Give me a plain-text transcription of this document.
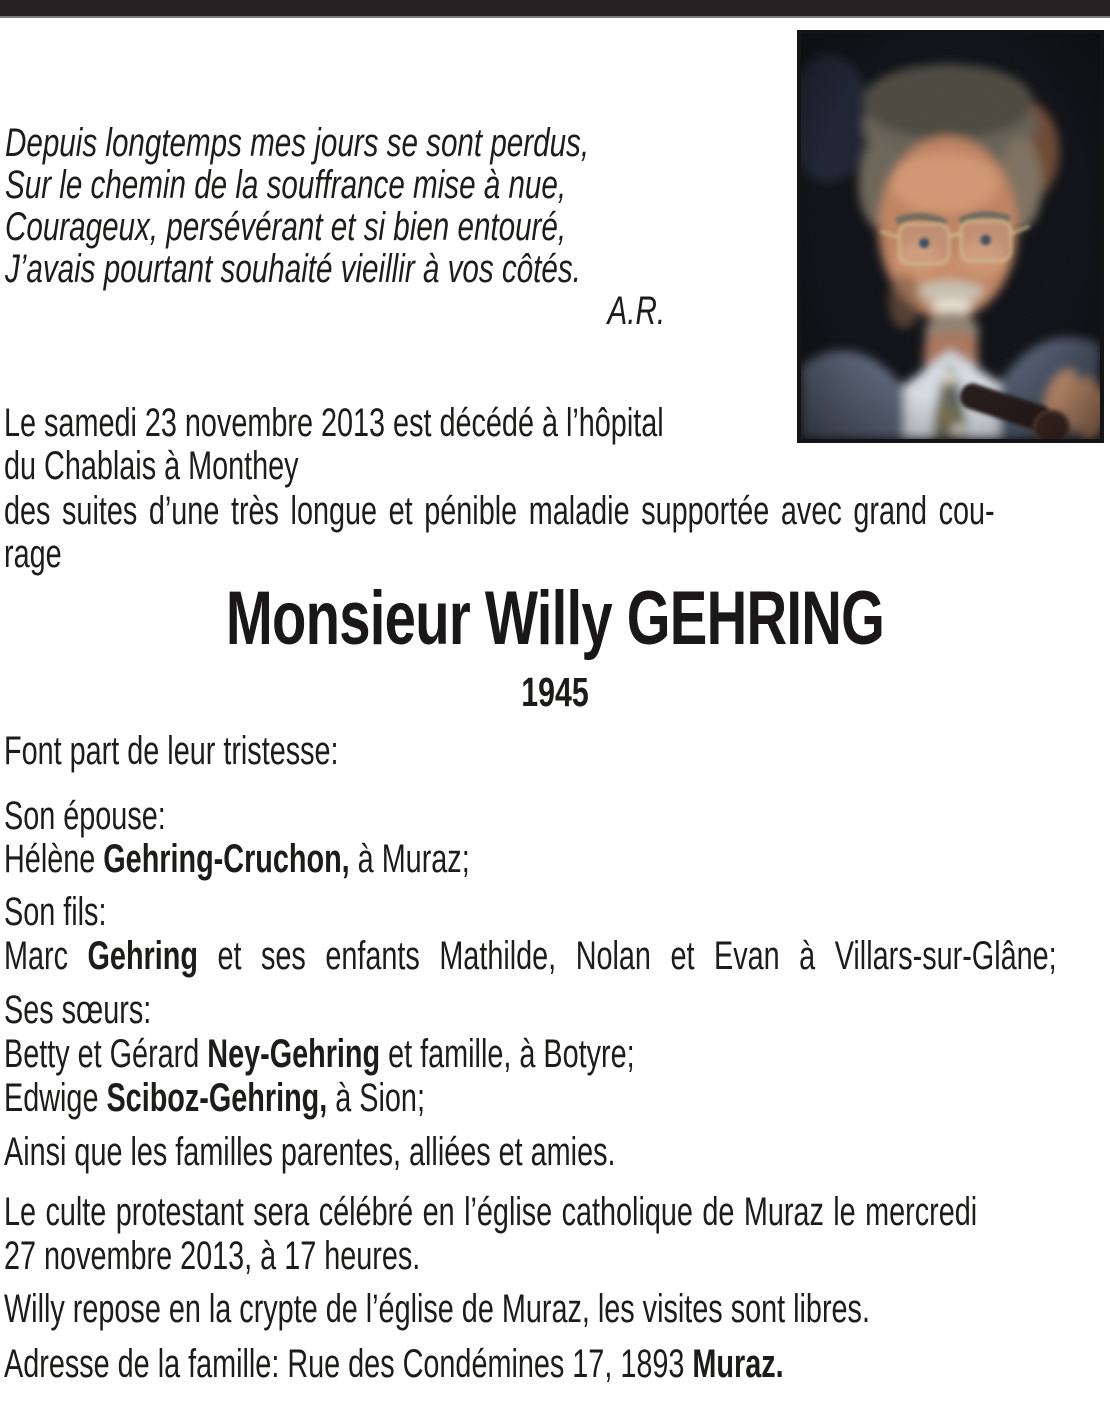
Depuis longtemps mes jours se sont perdus,
Sur le chemin de la souffrance mise à nue,
Courageux, persévérant et si bien entouré,
J’avais pourtant souhaité vieillir à vos côtés.
A.R.
Le samedi 23 novembre 2013 est décédé à l’hôpital
du Chablais à Monthey
des suites d’une très longue et pénible maladie supportée avec grand cou-
rage
Monsieur Willy GEHRING
1945
Font part de leur tristesse:
Son épouse:
Hélène Gehring-Cruchon, à Muraz;
Son fils:
Marc Gehring et ses enfants Mathilde, Nolan et Evan à Villars-sur-Glâne;
Ses sœurs:
Betty et Gérard Ney-Gehring et famille, à Botyre;
Edwige Sciboz-Gehring, à Sion;
Ainsi que les familles parentes, alliées et amies.
Le culte protestant sera célébré en l’église catholique de Muraz le mercredi
27 novembre 2013, à 17 heures.
Willy repose en la crypte de l’église de Muraz, les visites sont libres.
Adresse de la famille: Rue des Condémines 17, 1893 Muraz.
